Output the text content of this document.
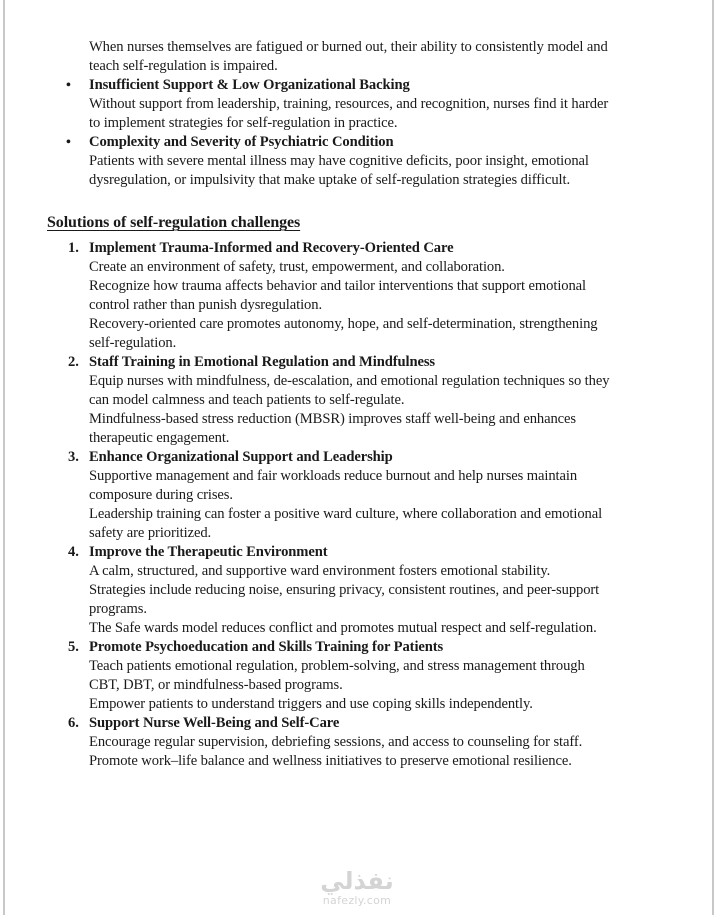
When nurses themselves are fatigued or burned out, their ability to consistently model and
teach self-regulation is impaired.
• Insufficient Support & Low Organizational Backing
Without support from leadership, training, resources, and recognition, nurses find it harder
to implement strategies for self-regulation in practice.
• Complexity and Severity of Psychiatric Condition
Patients with severe mental illness may have cognitive deficits, poor insight, emotional
dysregulation, or impulsivity that make uptake of self-regulation strategies difficult.
Solutions of self-regulation challenges
1. Implement Trauma-Informed and Recovery-Oriented Care
Create an environment of safety, trust, empowerment, and collaboration.
Recognize how trauma affects behavior and tailor interventions that support emotional
control rather than punish dysregulation.
Recovery-oriented care promotes autonomy, hope, and self-determination, strengthening
self-regulation.
2. Staff Training in Emotional Regulation and Mindfulness
Equip nurses with mindfulness, de-escalation, and emotional regulation techniques so they
can model calmness and teach patients to self-regulate.
Mindfulness-based stress reduction (MBSR) improves staff well-being and enhances
therapeutic engagement.
3. Enhance Organizational Support and Leadership
Supportive management and fair workloads reduce burnout and help nurses maintain
composure during crises.
Leadership training can foster a positive ward culture, where collaboration and emotional
safety are prioritized.
4. Improve the Therapeutic Environment
A calm, structured, and supportive ward environment fosters emotional stability.
Strategies include reducing noise, ensuring privacy, consistent routines, and peer-support
programs.
The Safe wards model reduces conflict and promotes mutual respect and self-regulation.
5. Promote Psychoeducation and Skills Training for Patients
Teach patients emotional regulation, problem-solving, and stress management through
CBT, DBT, or mindfulness-based programs.
Empower patients to understand triggers and use coping skills independently.
6. Support Nurse Well-Being and Self-Care
Encourage regular supervision, debriefing sessions, and access to counseling for staff.
Promote work–life balance and wellness initiatives to preserve emotional resilience.
نفذلي
nafezly.com
